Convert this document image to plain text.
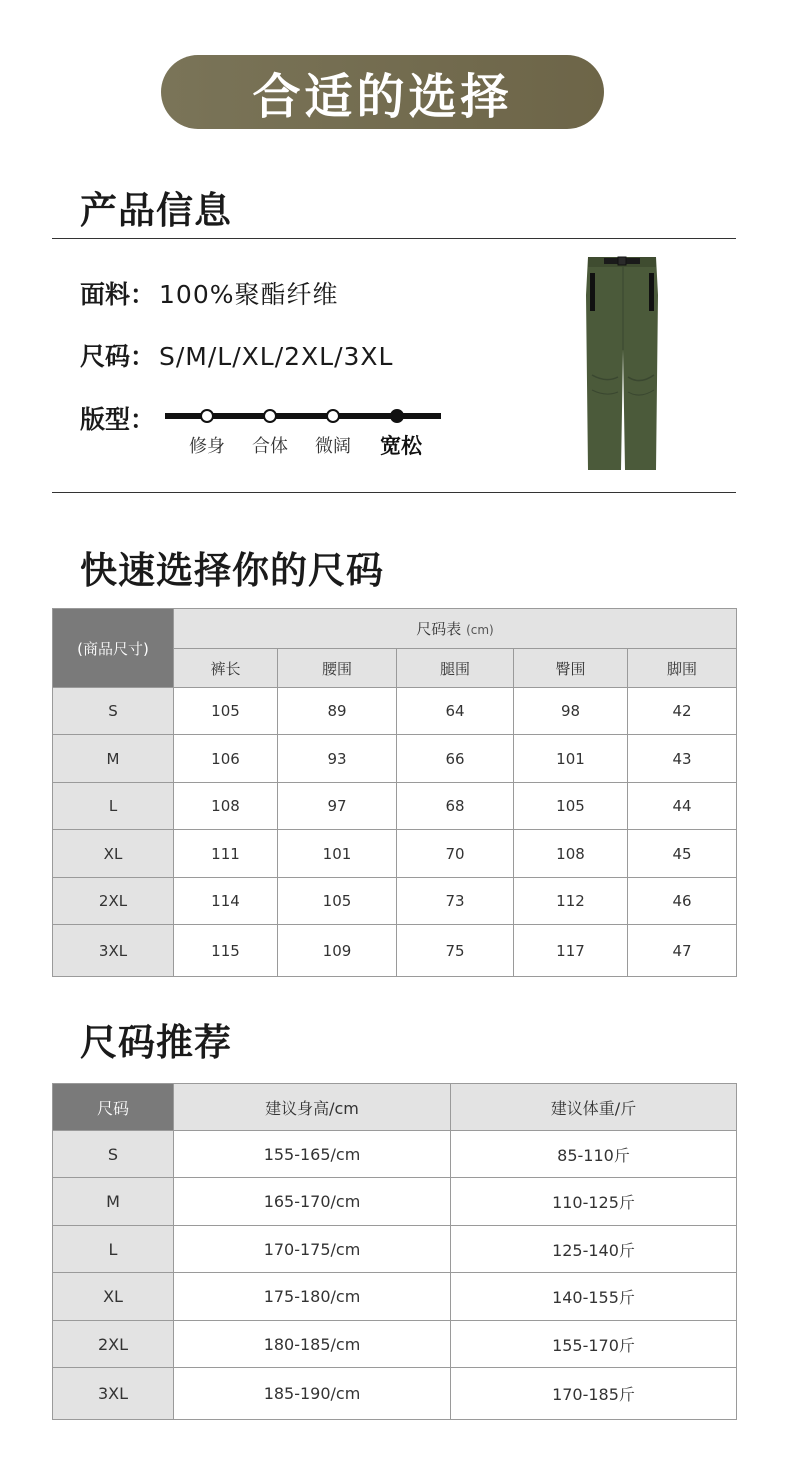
合适的选择
产品信息
面料： 100%聚酯纤维
尺码： S/M/L/XL/2XL/3XL
版型：
修身 合体 微阔 宽松
快速选择你的尺码
(商品尺寸)	尺码表 (cm)				
	裤长	腰围	腿围	臀围	脚围
S	105	89	64	98	42
M	106	93	66	101	43
L	108	97	68	105	44
XL	111	101	70	108	45
2XL	114	105	73	112	46
3XL	115	109	75	117	47
尺码推荐
尺码	建议身高/cm	建议体重/斤
S	155-165/cm	85-110斤
M	165-170/cm	110-125斤
L	170-175/cm	125-140斤
XL	175-180/cm	140-155斤
2XL	180-185/cm	155-170斤
3XL	185-190/cm	170-185斤
